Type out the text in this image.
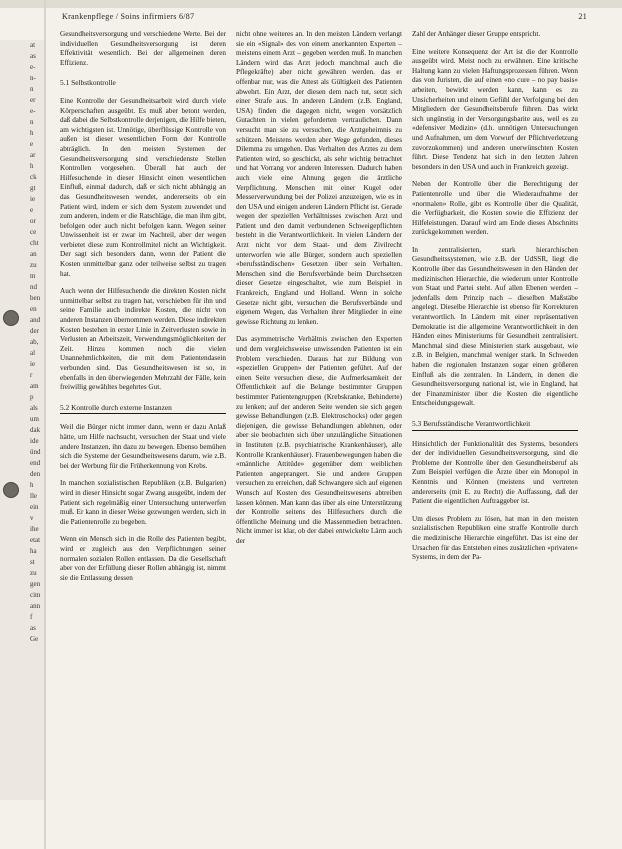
at
as
e-
n-
n
er
e-
n
h
e
ar
h
ck
gt
ie
e
or
ce
cht
an
zu
m
nd
ben
en
and
der
ab,
al
ie
r
am
p
als
um
dak
ide
ünd
end
den
h
lle
ein
v
ihe
etat
ha
st
zu
gen
cim
ann
f
as
Ge
Krankenpflege / Soins infirmiers 6/87	21

Gesundheitsversorgung und verschiedene Werte. Bei der individuellen Gesundheitsversorgung ist deren Effektivität wesentlich. Bei der allgemeinen deren Effizienz.

5.1 Selbstkontrolle

Eine Kontrolle der Gesundheitsarbeit wird durch viele Körperschaften ausgeübt. Es muß aber betont werden, daß dabei die Selbstkontrolle derjenigen, die Hilfe bieten, am wichtigsten ist. Unnötige, überflüssige Kontrolle von außen ist dieser wesentlichen Form der Kontrolle abträglich. In den meisten Systemen der Gesundheitsversorgung sind verschiedenste Stellen Kontrollen vorgesehen. Überall hat auch der Hilfesuchende in dieser Hinsicht einen wesentlichen Einfluß, einmal dadurch, daß er sich nicht abhängig an das Gesundheitswesen wendet, andererseits ob ein Patient wird, indem er sich dem System zuwendet und zum anderen, indem er die Ratschläge, die man ihm gibt, befolgen oder auch nicht befolgen kann. Wegen seiner Unwissenheit ist er zwar im Nachteil, aber der wegen verbietet diese zum Kontrollmitel nicht an Wichtigkeit. Der sagt sich besonders dann, wenn der Patient die Kosten unmittelbar ganz oder teilweise selbst zu tragen hat.

Auch wenn der Hilfesuchende die direkten Kosten nicht unmittelbar selbst zu tragen hat, verschieben für ihn und seine Familie auch indirekte Kosten, die nicht von anderen Instanzen übernommen werden. Diese indirekten Kosten bestehen in erster Linie in Zeitverlusten sowie in Verlusten an Arbeitszeit, Verwendungsmöglichkeiten der Zeit. Hinzu kommen noch die vielen Unannehmlichkeiten, die mit dem Patientendasein verbunden sind. Das Gesundheitswesen ist so, in ebenfalls in den überwiegenden Mehrzahl der Fälle, kein freiwillig gewähltes begehrtes Gut.

5.2 Kontrolle durch externe Instanzen

Weil die Bürger nicht immer dann, wenn er dazu Anlaß hätte, um Hilfe nachsucht, versuchen der Staat und viele andere Instanzen, ihn dazu zu bewegen. Ebenso bemühen sich die Systeme der Gesundheitswesens darum, wie z.B. bei der Werbung für die Früherkennung von Krebs.

In manchen sozialistischen Republiken (z.B. Bulgarien) wird in dieser Hinsicht sogar Zwang ausgeübt, indem der Patient sich regelmäßig einer Untersuchung unterwerfen muß. Er kann in dieser Weise gezwungen werden, sich in die Patientenrolle zu begeben.

Wenn ein Mensch sich in die Rolle des Patienten begibt, wird er zugleich aus den Verpflichtungen seiner normalen sozialen Rollen entlassen. Da die Gesellschaft aber von der Erfüllung dieser Rollen abhängig ist, nimmt sie die Entlassung dessen

nicht ohne weiteres an. In den meisten Ländern verlangt sie ein «Signal» des von einem anerkannten Experten – meistens einem Arzt – gegeben werden muß. In manchen Ländern wird das Arzt jedoch manchmal auch die Pflegekräfte) aber nicht gewähren werden. das er offenbar nur, was die Attest als Gültigkeit des Patienten abwehrt. Ein Arzt, der diesen dem nach tut, setzt sich einer Strafe aus. In anderen Ländern (z.B. England, USA) finden die dagegen nicht, wegen vorsätzlich Gutachten in vielen geforderten vertraulichen. Dann versucht man sie zu versuchen, die Arztgeheimnis zu schützen. Meistens werden aber Wege gefunden, dieses Dilemma zu umgehen. Das Verhalten des Arztes zu dem Patienten wird, so geschickt, als sehr wichtig betrachtet und hat Vorrang vor anderen Interessen. Dadurch haben auch viele eine Ahnung gegen die ärztliche Verpflichtung. Menschen mit einer Kugel oder Messerverwundung bei der Polizei anzuzeigen, wie es in den USA und einigen anderen Ländern Pflicht ist. Gerade wegen der speziellen Verhältnisses zwischen Arzt und Patient und den damit verbundenen Schweigepflichten besteht in die Verantwortlichkeit. In vielen Ländern der Arzt nicht vor dem Staat- und dem Zivilrecht unterworfen wie alle Bürger, sondern auch speziellen «berufsständischen» Gesetzen über sein Verhalten. Menschen sind die Berufsverbände beim Durchsetzen dieser Gesetze eingeschaltet, wie zum Beispiel in Frankreich, England und Holland. Wenn in solche Gesetze nicht gibt, versuchen die Berufsverbände und eigenem Wegen, das Verhalten ihrer Mitglieder in eine gewisse Richtung zu lenken.

Das asymmetrische Verhältnis zwischen den Experten und dem vergleichsweise unwissenden Patienten ist ein Problem verschieden. Daraus hat zur Bildung von «speziellen Gruppen» der Patienten geführt. Auf der einen Seite versuchen diese, die Aufmerksamkeit der Öffentlichkeit auf die Belange bestimmter Gruppen bestimmter Patientengruppen (Krebskranke, Behinderte) zu lenken; auf der anderen Seite wenden sie sich gegen gewisse Behandlungen (z.B. Elektroschocks) oder gegen diejenigen, die gewisse Behandlungen ablehnen, oder aber sie beobachten sich über unzulängliche Situationen in Instituten (z.B. psychiatrische Krankenhäuser), alle Kontrolle Krankenhäuser). Frauenbewegungen haben die «männliche Attitüde» gegenüber dem weiblichen Patienten angeprangert. Sie und andere Gruppen versuchen zu erreichen, daß Schwangere sich auf eigenen Wunsch auf Kosten des Gesundheitswesens abtreiben lassen können. Man kann das über als eine Unterstützung der Kontrolle seitens des Hilfesuchers durch die öffentliche Meinung und die Massenmedien betrachten. Nicht immer ist klar, ob der dabei entwickelte Lärm auch der

Zahl der Anhänger dieser Gruppe entspricht.

Eine weitere Konsequenz der Art ist die der Kontrolle ausgeübt wird. Meist noch zu erwähnen. Eine kritische Haltung kann zu vielen Haftungsprozessen führen. Wenn das von Juristen, die auf einen «no cure – no pay basis» arbeiten, bewirkt werden kann, kann es zu Unsicherheiten und einem Gefühl der Verfolgung bei den Mitgliedern der Gesundheitsberufe führen. Das wirkt sich ungünstig in der Versorgungsbarite aus, weil es zu «defensiver Medizin» (d.h. unnötigen Untersuchungen und Aufnahmen, um dem Vorwurf der Pflichtverletzung zuvorzukommen) und anderen unerwünschten Kosten führt. Diese Tendenz hat sich in den letzten Jahren besonders in den USA und auch in Frankreich gezeigt.

Neben der Kontrolle über die Berechtigung der Patientenrolle und über die Wiederaufnahme der «normalen» Rolle, gibt es Kontrolle über die Qualität, die Verfügbarkeit, die Kosten sowie die Effizienz der Hilfeleistungen. Darauf wird am Ende dieses Abschnitts zurückgekommen werden.

In zentralisierten, stark hierarchischen Gesundheitssystemen, wie z.B. der UdSSR, liegt die Kontrolle über das Gesundheitswesen in den Händen der medizinischen Hierarchie, die wiederum unter Kontrolle von Staat und Partei steht. Auf allen Ebenen werden – jedenfalls dem Prinzip nach – dieselben Maßstäbe angelegt. Dieselbe Hierarchie ist ebenso für Korrekturen verantwortlich. In Ländern mit einer repräsentativen Demokratie ist die allgemeine Verantwortlichkeit in den Händen eines Ministeriums für Gesundheit zentralisiert. Manchmal sind diese Ministerien stark ausgebaut, wie z.B. in Belgien, manchmal weniger stark. In Schweden haben die regionalen Instanzen sogar einen größeren Einfluß als die zentralen. In Ländern, in denen die Gesundheitsversorgung national ist, wie in England, hat der Finanzminister über die Kosten die eigentliche Entscheidungsgewalt.

5.3 Berufsständische Verantwortlichkeit

Hinsichtlich der Funktionalität des Systems, besonders der der individuellen Gesundheitsversorgung, sind die Probleme der Kontrolle über den Gesundheitsberuf als Zum Beispiel verfügen die Ärzte über ein Monopol in Kenntnis und Können (meistens und vertreten andererseits (mit E. zu Recht) die Auffassung, daß der Patient die eigentlichen Auftraggeber ist.

Um dieses Problem zu lösen, hat man in den meisten sozialistischen Republiken eine straffe Kontrolle durch die medizinische Hierarchie eingeführt. Das ist eine der Ursachen für das Entstehen eines zusätzlichen «privaten» Systems, in dem der Pa-
